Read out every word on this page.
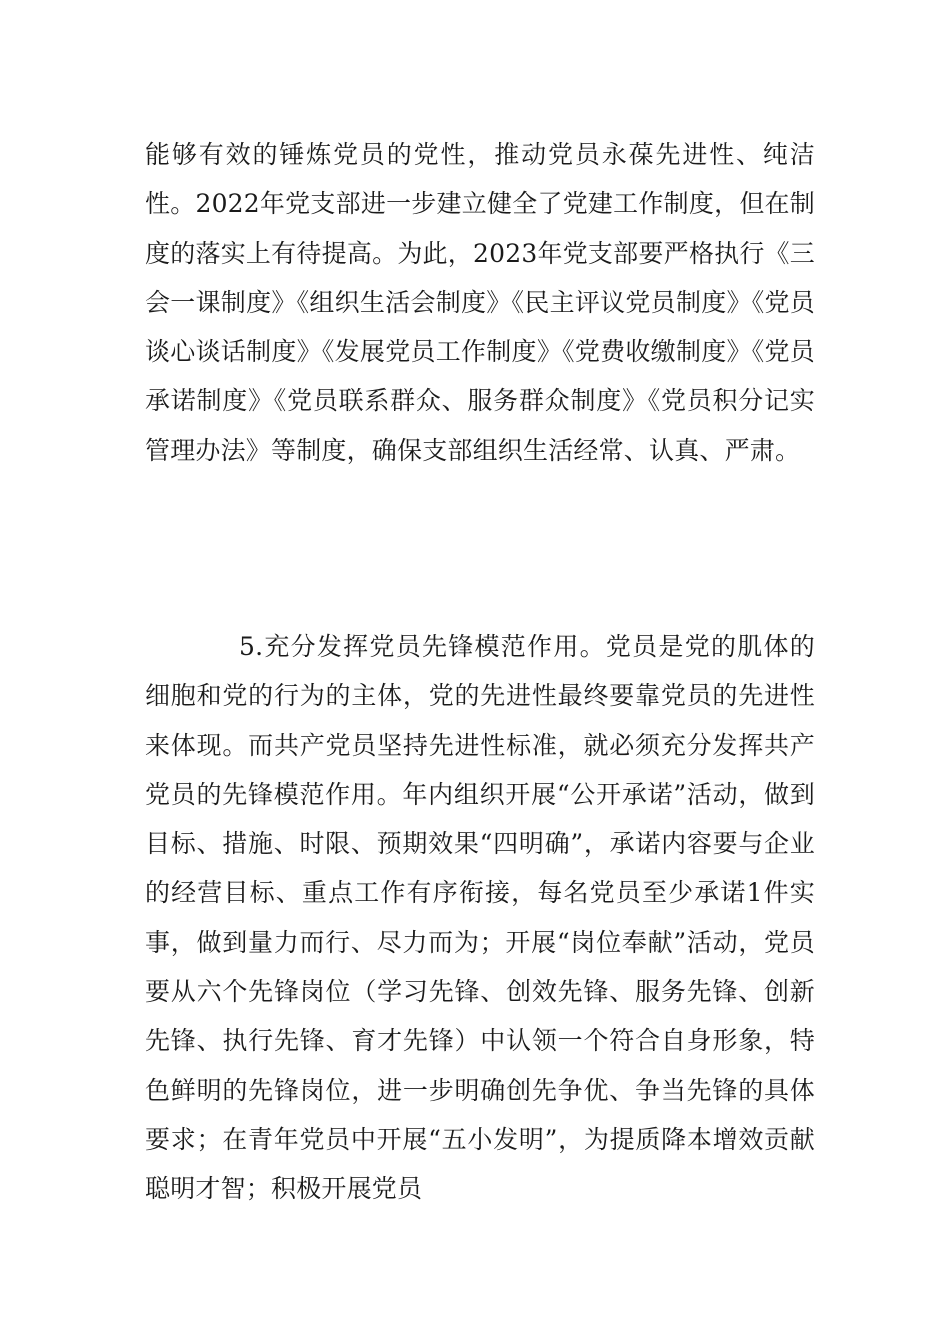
能够有效的锤炼党员的党性，推动党员永葆先进性、纯洁性。2022年党支部进一步建立健全了党建工作制度，但在制度的落实上有待提高。为此，2023年党支部要严格执行《三会一课制度》《组织生活会制度》《民主评议党员制度》《党员谈心谈话制度》《发展党员工作制度》《党费收缴制度》《党员承诺制度》《党员联系群众、服务群众制度》《党员积分记实管理办法》等制度，确保支部组织生活经常、认真、严肃。

5.充分发挥党员先锋模范作用。党员是党的肌体的细胞和党的行为的主体，党的先进性最终要靠党员的先进性来体现。而共产党员坚持先进性标准，就必须充分发挥共产党员的先锋模范作用。年内组织开展“公开承诺”活动，做到目标、措施、时限、预期效果“四明确”，承诺内容要与企业的经营目标、重点工作有序衔接，每名党员至少承诺1件实事，做到量力而行、尽力而为；开展“岗位奉献”活动，党员要从六个先锋岗位（学习先锋、创效先锋、服务先锋、创新先锋、执行先锋、育才先锋）中认领一个符合自身形象，特色鲜明的先锋岗位，进一步明确创先争优、争当先锋的具体要求；在青年党员中开展“五小发明”，为提质降本增效贡献聪明才智；积极开展党员
